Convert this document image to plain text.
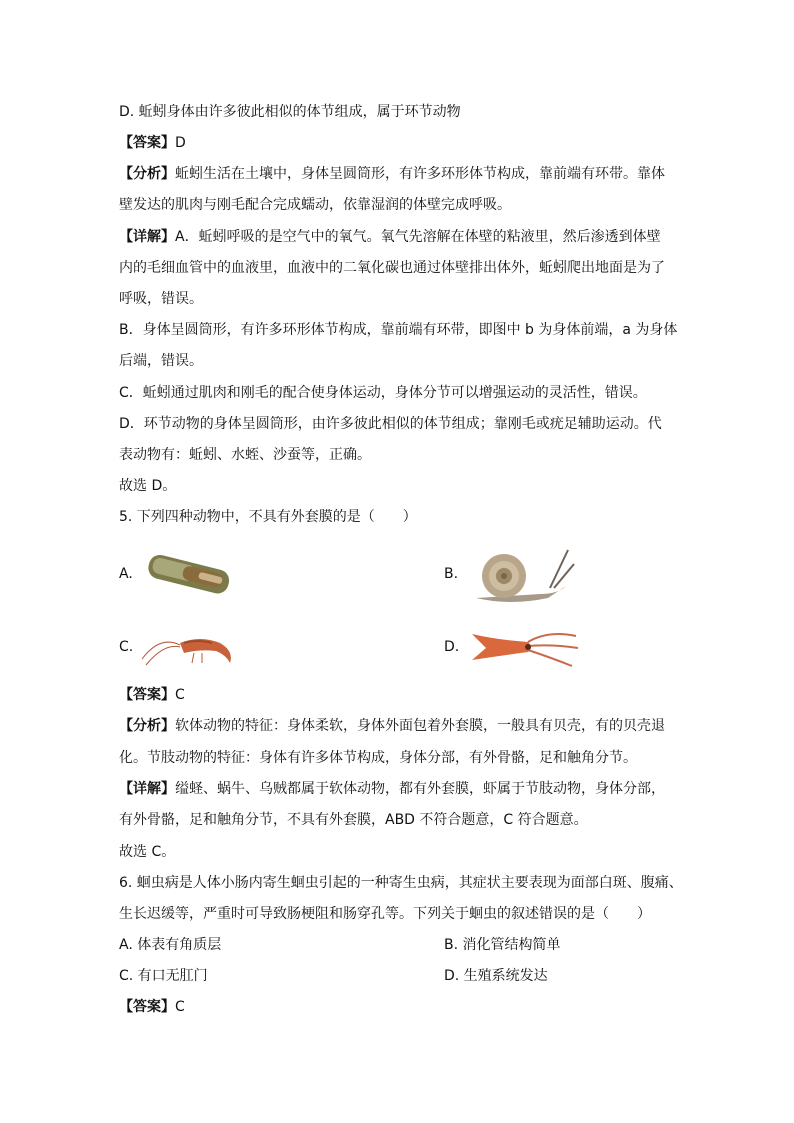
D. 蚯蚓身体由许多彼此相似的体节组成，属于环节动物
【答案】D
【分析】蚯蚓生活在土壤中，身体呈圆筒形，有许多环形体节构成，靠前端有环带。靠体
壁发达的肌肉与刚毛配合完成蠕动，依靠湿润的体壁完成呼吸。
【详解】A．蚯蚓呼吸的是空气中的氧气。氧气先溶解在体壁的粘液里，然后渗透到体壁
内的毛细血管中的血液里，血液中的二氧化碳也通过体壁排出体外，蚯蚓爬出地面是为了
呼吸，错误。
B．身体呈圆筒形，有许多环形体节构成，靠前端有环带，即图中 b 为身体前端，a 为身体
后端，错误。
C．蚯蚓通过肌肉和刚毛的配合使身体运动，身体分节可以增强运动的灵活性，错误。
D．环节动物的身体呈圆筒形，由许多彼此相似的体节组成；靠刚毛或疣足辅助运动。代
表动物有：蚯蚓、水蛭、沙蚕等，正确。
故选 D。
5. 下列四种动物中，不具有外套膜的是（　　）
A.	B.
C.	D.
【答案】C
【分析】软体动物的特征：身体柔软，身体外面包着外套膜，一般具有贝壳，有的贝壳退
化。节肢动物的特征：身体有许多体节构成，身体分部，有外骨骼，足和触角分节。
【详解】缢蛏、蜗牛、乌贼都属于软体动物，都有外套膜，虾属于节肢动物，身体分部，
有外骨骼，足和触角分节，不具有外套膜，ABD 不符合题意，C 符合题意。
故选 C。
6. 蛔虫病是人体小肠内寄生蛔虫引起的一种寄生虫病，其症状主要表现为面部白斑、腹痛、
生长迟缓等，严重时可导致肠梗阻和肠穿孔等。下列关于蛔虫的叙述错误的是（　　）
A. 体表有角质层	B. 消化管结构简单
C. 有口无肛门	D. 生殖系统发达
【答案】C
